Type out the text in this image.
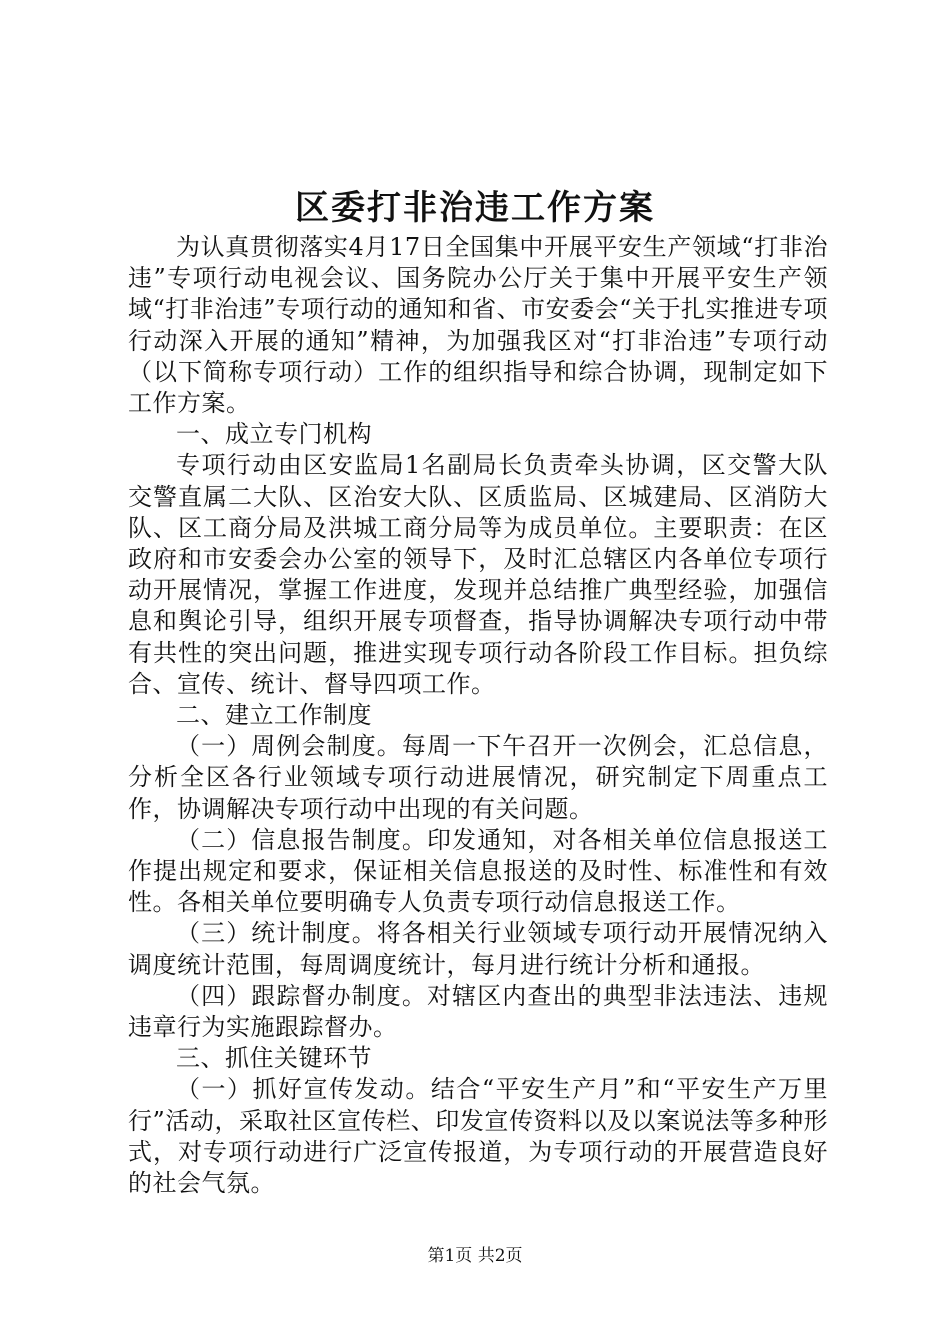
区委打非治违工作方案

为认真贯彻落实4月17日全国集中开展平安生产领域“打非治违”专项行动电视会议、国务院办公厅关于集中开展平安生产领域“打非治违”专项行动的通知和省、市安委会“关于扎实推进专项行动深入开展的通知”精神，为加强我区对“打非治违”专项行动（以下简称专项行动）工作的组织指导和综合协调，现制定如下工作方案。

一、成立专门机构

专项行动由区安监局1名副局长负责牵头协调，区交警大队交警直属二大队、区治安大队、区质监局、区城建局、区消防大队、区工商分局及洪城工商分局等为成员单位。主要职责：在区政府和市安委会办公室的领导下，及时汇总辖区内各单位专项行动开展情况，掌握工作进度，发现并总结推广典型经验，加强信息和舆论引导，组织开展专项督查，指导协调解决专项行动中带有共性的突出问题，推进实现专项行动各阶段工作目标。担负综合、宣传、统计、督导四项工作。

二、建立工作制度

（一）周例会制度。每周一下午召开一次例会，汇总信息，分析全区各行业领域专项行动进展情况，研究制定下周重点工作，协调解决专项行动中出现的有关问题。

（二）信息报告制度。印发通知，对各相关单位信息报送工作提出规定和要求，保证相关信息报送的及时性、标准性和有效性。各相关单位要明确专人负责专项行动信息报送工作。

（三）统计制度。将各相关行业领域专项行动开展情况纳入调度统计范围，每周调度统计，每月进行统计分析和通报。

（四）跟踪督办制度。对辖区内查出的典型非法违法、违规违章行为实施跟踪督办。

三、抓住关键环节

（一）抓好宣传发动。结合“平安生产月”和“平安生产万里行”活动，采取社区宣传栏、印发宣传资料以及以案说法等多种形式，对专项行动进行广泛宣传报道，为专项行动的开展营造良好的社会气氛。

第1页 共2页
